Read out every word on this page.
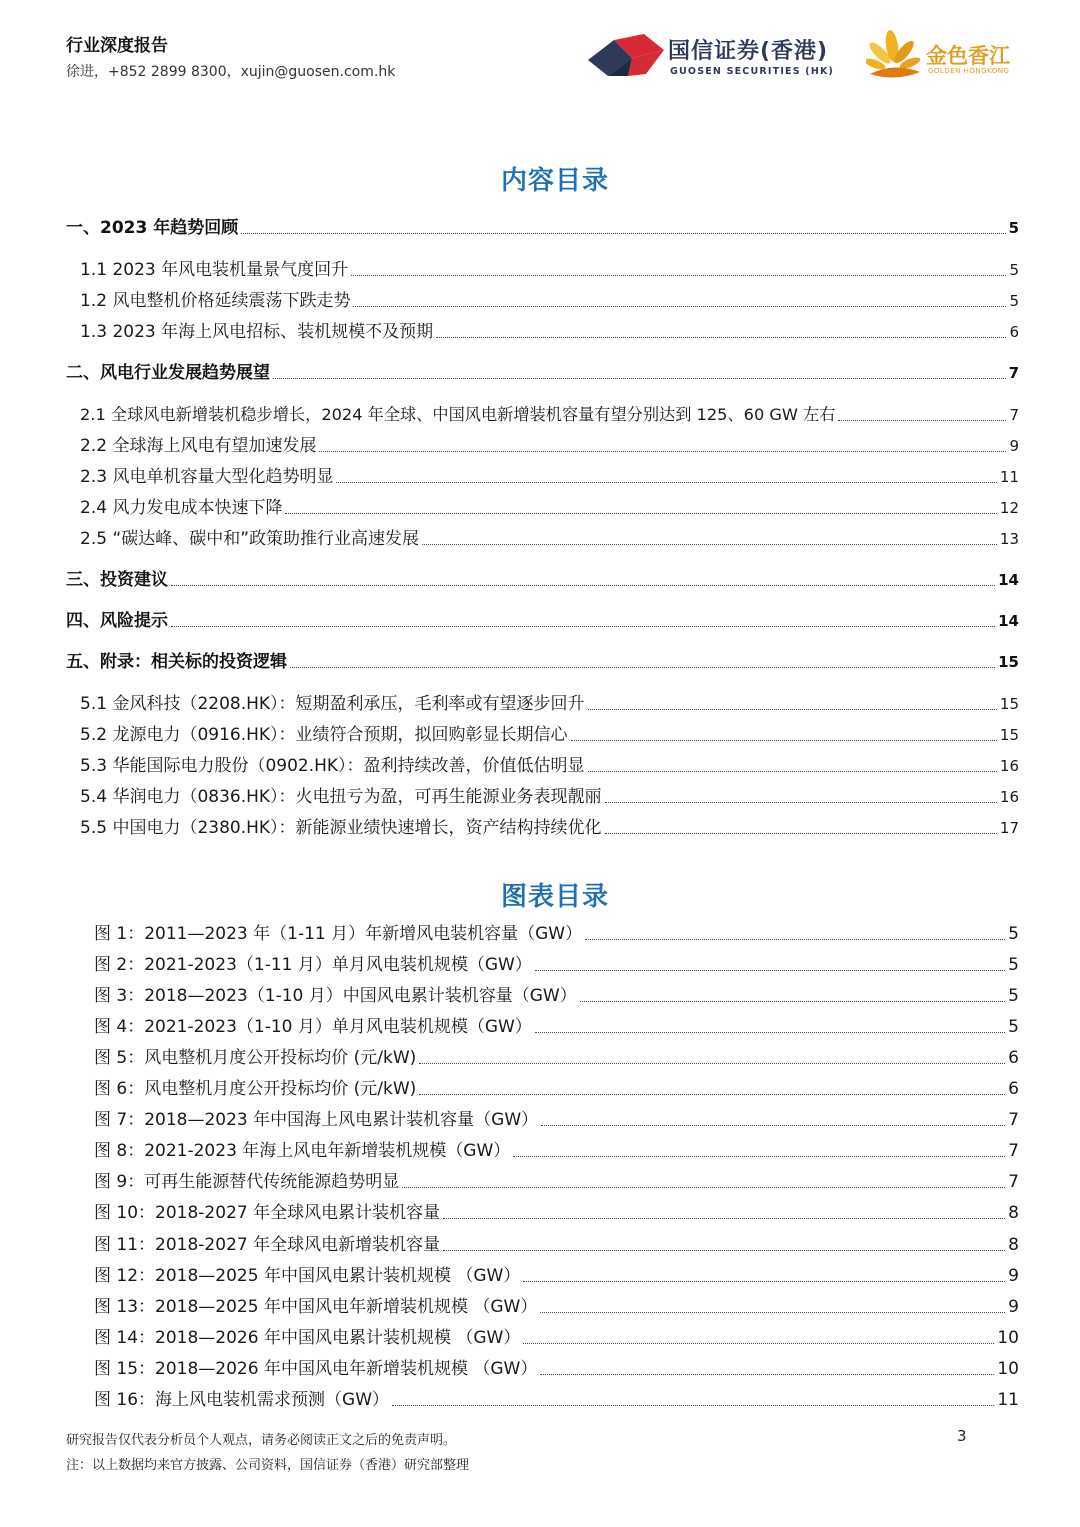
行业深度报告
徐进，+852 2899 8300，xujin@guosen.com.hk
国信证券(香港)
GUOSEN SECURITIES (HK)
金色香江
GOLDEN HONGKONG
内容目录
一、2023 年趋势回顾	5
1.1 2023 年风电装机量景气度回升	5
1.2 风电整机价格延续震荡下跌走势	5
1.3 2023 年海上风电招标、装机规模不及预期	6
二、风电行业发展趋势展望	7
2.1 全球风电新增装机稳步增长，2024 年全球、中国风电新增装机容量有望分别达到 125、60 GW 左右	7
2.2 全球海上风电有望加速发展	9
2.3 风电单机容量大型化趋势明显	11
2.4 风力发电成本快速下降	12
2.5 “碳达峰、碳中和”政策助推行业高速发展	13
三、投资建议	14
四、风险提示	14
五、附录：相关标的投资逻辑	15
5.1 金风科技（2208.HK）：短期盈利承压，毛利率或有望逐步回升	15
5.2 龙源电力（0916.HK）：业绩符合预期，拟回购彰显长期信心	15
5.3 华能国际电力股份（0902.HK）：盈利持续改善，价值低估明显	16
5.4 华润电力（0836.HK）：火电扭亏为盈，可再生能源业务表现靓丽	16
5.5 中国电力（2380.HK）：新能源业绩快速增长，资产结构持续优化	17
图表目录
图 1：2011—2023 年（1-11 月）年新增风电装机容量（GW）	5
图 2：2021-2023（1-11 月）单月风电装机规模（GW）	5
图 3：2018—2023（1-10 月）中国风电累计装机容量（GW）	5
图 4：2021-2023（1-10 月）单月风电装机规模（GW）	5
图 5：风电整机月度公开投标均价 (元/kW)	6
图 6：风电整机月度公开投标均价 (元/kW)	6
图 7：2018—2023 年中国海上风电累计装机容量（GW）	7
图 8：2021-2023 年海上风电年新增装机规模（GW）	7
图 9：可再生能源替代传统能源趋势明显	7
图 10：2018-2027 年全球风电累计装机容量	8
图 11：2018-2027 年全球风电新增装机容量	8
图 12：2018—2025 年中国风电累计装机规模 （GW）	9
图 13：2018—2025 年中国风电年新增装机规模 （GW）	9
图 14：2018—2026 年中国风电累计装机规模 （GW）	10
图 15：2018—2026 年中国风电年新增装机规模 （GW）	10
图 16：海上风电装机需求预测（GW）	11
研究报告仅代表分析员个人观点，请务必阅读正文之后的免责声明。	3
注：以上数据均来官方披露、公司资料，国信证券（香港）研究部整理
